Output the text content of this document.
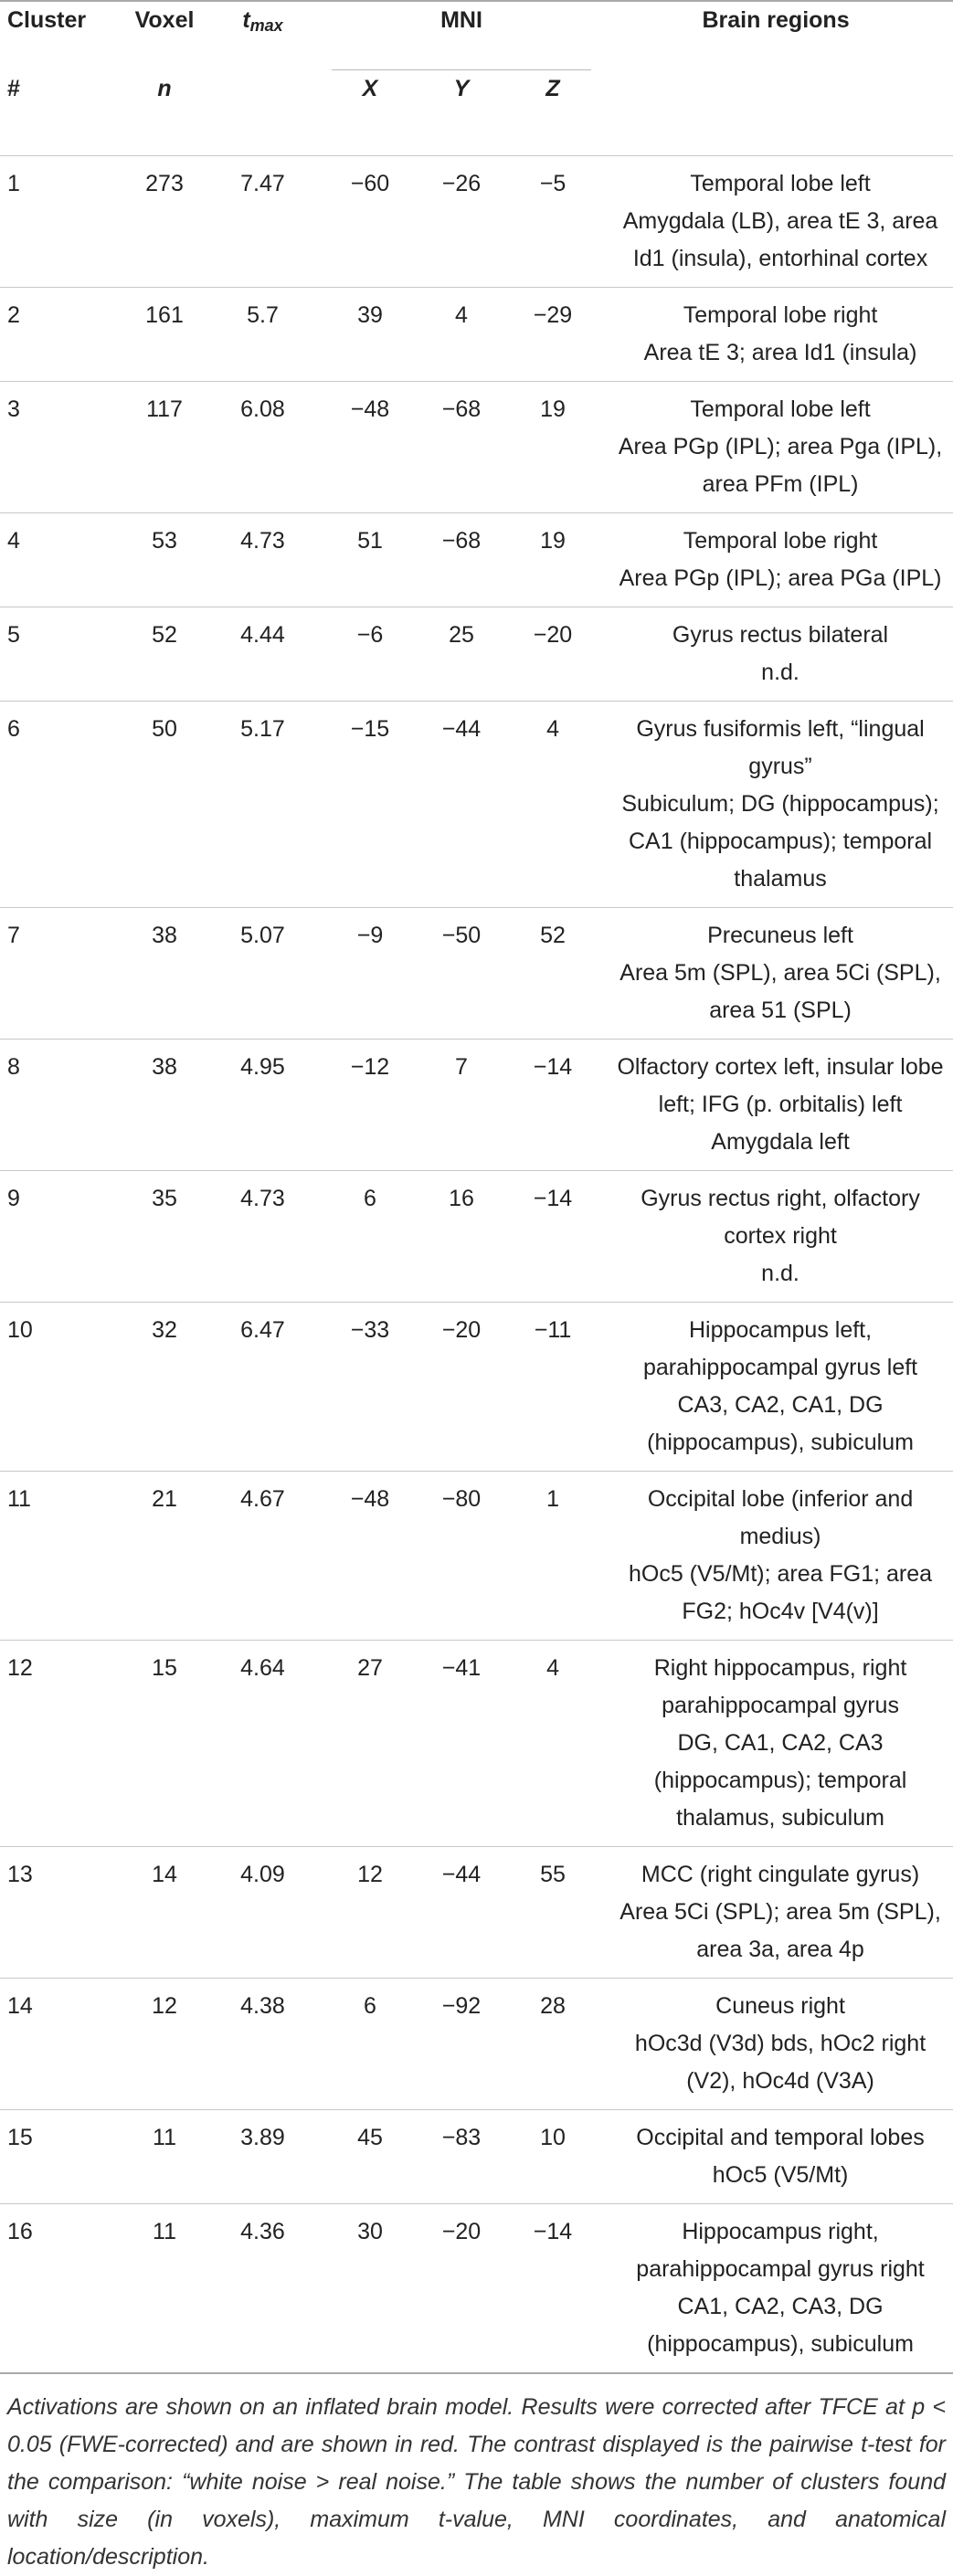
Cluster	Voxel	tmax	MNI			Brain regions
#	n		X	Y	Z	
1	273	7.47	−60	−26	−5	Temporal lobe left
Amygdala (LB), area tE 3, area Id1 (insula), entorhinal cortex

2	161	5.7	39	4	−29	Temporal lobe right
Area tE 3; area Id1 (insula)

3	117	6.08	−48	−68	19	Temporal lobe left
Area PGp (IPL); area Pga (IPL), area PFm (IPL)

4	53	4.73	51	−68	19	Temporal lobe right
Area PGp (IPL); area PGa (IPL)

5	52	4.44	−6	25	−20	Gyrus rectus bilateral
n.d.

6	50	5.17	−15	−44	4	Gyrus fusiformis left, “lingual gyrus”
Subiculum; DG (hippocampus); CA1 (hippocampus); temporal thalamus

7	38	5.07	−9	−50	52	Precuneus left
Area 5m (SPL), area 5Ci (SPL), area 51 (SPL)

8	38	4.95	−12	7	−14	Olfactory cortex left, insular lobe left; IFG (p. orbitalis) left
Amygdala left

9	35	4.73	6	16	−14	Gyrus rectus right, olfactory cortex right
n.d.

10	32	6.47	−33	−20	−11	Hippocampus left, parahippocampal gyrus left
CA3, CA2, CA1, DG (hippocampus), subiculum

11	21	4.67	−48	−80	1	Occipital lobe (inferior and medius)
hOc5 (V5/Mt); area FG1; area FG2; hOc4v [V4(v)]

12	15	4.64	27	−41	4	Right hippocampus, right parahippocampal gyrus
DG, CA1, CA2, CA3 (hippocampus); temporal thalamus, subiculum

13	14	4.09	12	−44	55	MCC (right cingulate gyrus)
Area 5Ci (SPL); area 5m (SPL), area 3a, area 4p

14	12	4.38	6	−92	28	Cuneus right
hOc3d (V3d) bds, hOc2 right (V2), hOc4d (V3A)

15	11	3.89	45	−83	10	Occipital and temporal lobes
hOc5 (V5/Mt)

16	11	4.36	30	−20	−14	Hippocampus right, parahippocampal gyrus right
CA1, CA2, CA3, DG (hippocampus), subiculum
Activations are shown on an inflated brain model. Results were corrected after TFCE at p < 0.05 (FWE-corrected) and are shown in red. The contrast displayed is the pairwise t-test for the comparison: “white noise > real noise.” The table shows the number of clusters found with size (in voxels), maximum t-value, MNI coordinates, and anatomical location/description.
